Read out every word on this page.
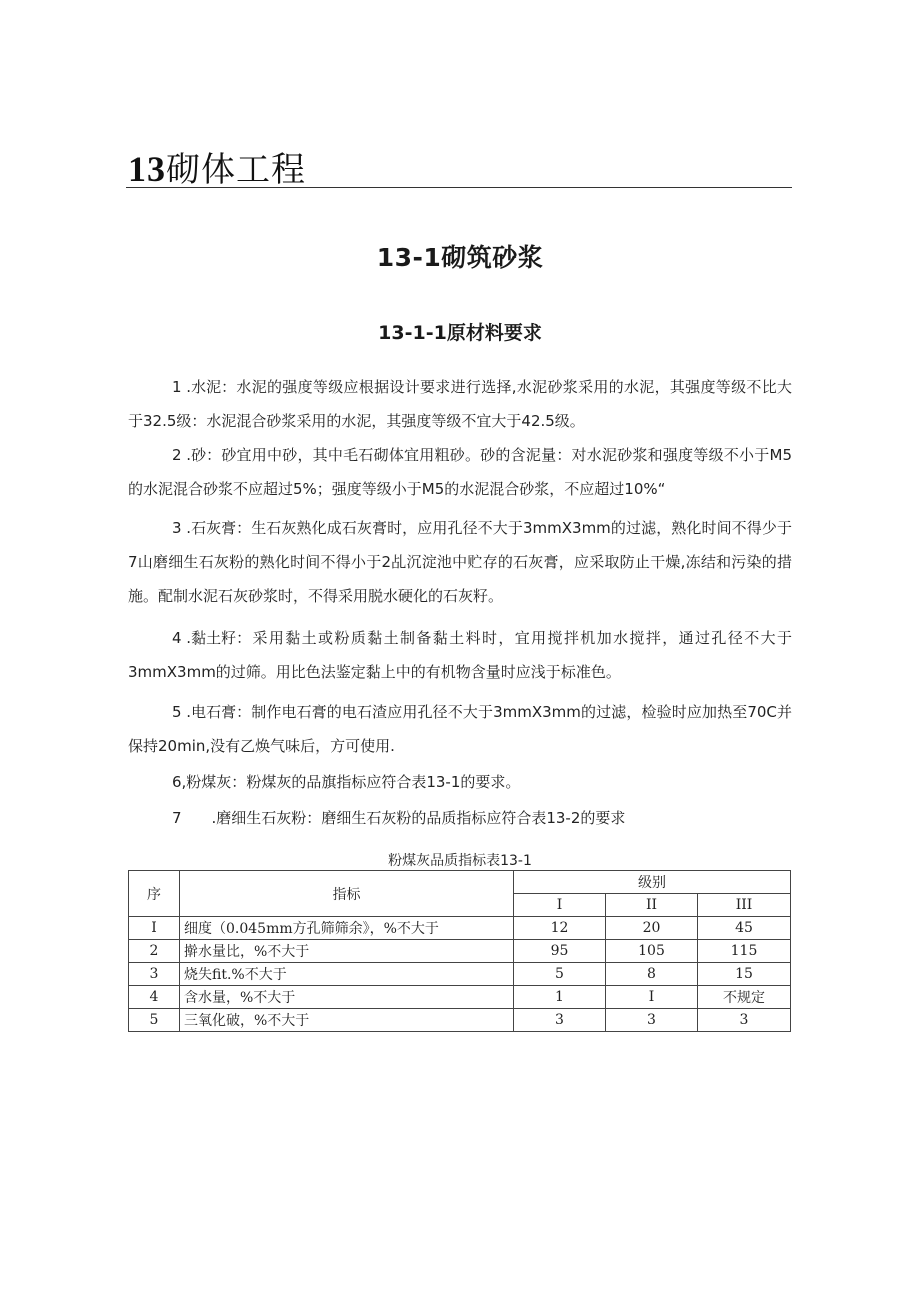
13砌体工程
13-1砌筑砂浆
13-1-1原材料要求

1 .水泥：水泥的强度等级应根据设计要求进行选择,水泥砂浆采用的水泥，其强度等级不比大于32.5级：水泥混合砂浆采用的水泥，其强度等级不宜大于42.5级。

2 .砂：砂宜用中砂，其中毛石砌体宜用粗砂。砂的含泥量：对水泥砂浆和强度等级不小于M5的水泥混合砂浆不应超过5%；强度等级小于M5的水泥混合砂浆，不应超过10%“

3 .石灰膏：生石灰熟化成石灰膏时，应用孔径不大于3mmX3mm的过滤，熟化时间不得少于7山磨细生石灰粉的熟化时间不得小于2乩沉淀池中贮存的石灰膏，应采取防止干燥,冻结和污染的措施。配制水泥石灰砂浆时，不得采用脱水硬化的石灰籽。

4 .黏土籽：采用黏土或粉质黏土制备黏土料时，宜用搅拌机加水搅拌，通过孔径不大于3mmX3mm的过筛。用比色法鉴定黏上中的有机物含量时应浅于标准色。

5 .电石膏：制作电石膏的电石渣应用孔径不大于3mmX3mm的过滤，检验时应加热至70C并保持20min,没有乙焕气味后，方可使用.

6,粉煤灰：粉煤灰的品旗指标应符合表13-1的要求。

7　　.磨细生石灰粉：磨细生石灰粉的品质指标应符合表13-2的要求

粉煤灰品质指标表13-1

序	指标	级别		
		I	II	III
I	细度（0.045mm方孔筛筛余》，%不大于	12	20	45
2	擀水量比，%不大于	95	105	115
3	烧失fit.%不大于	5	8	15
4	含水量，%不大于	1	I	不规定
5	三氧化破，%不大于	3	3	3
